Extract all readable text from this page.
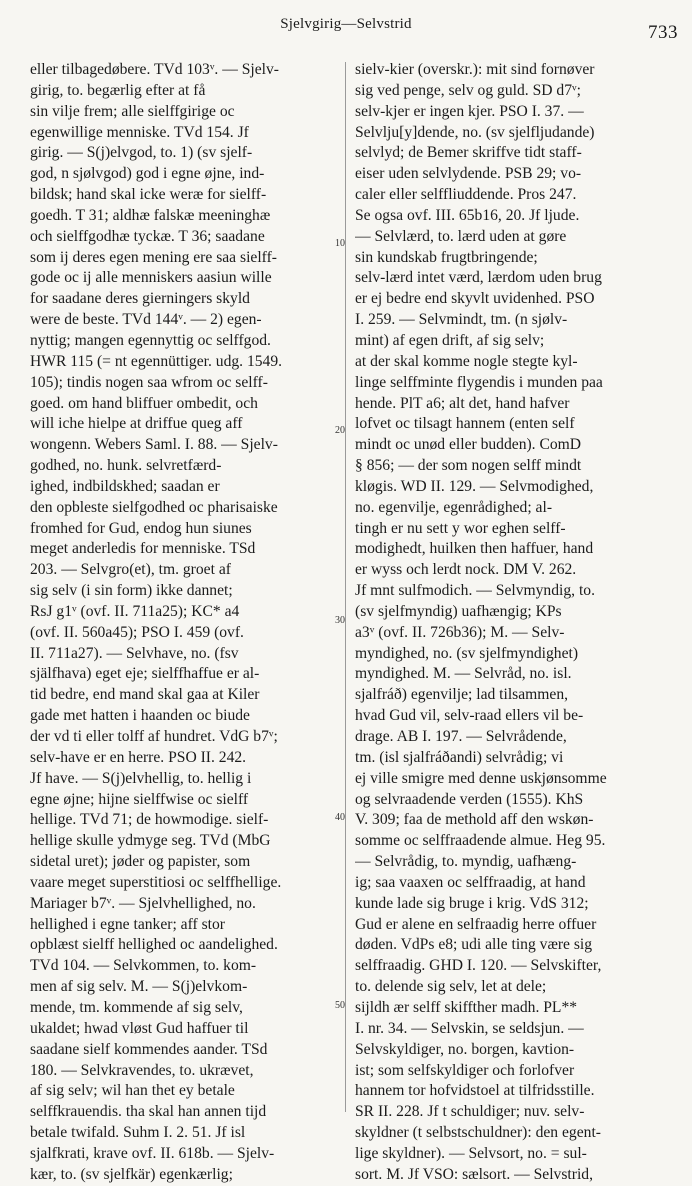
Sjelvgirig—Selvstrid	733
eller tilbagedøbere. TVd 103ᵛ. — Sjelv-
girig, to. begærlig efter at få
sin vilje frem; alle sielffgirige oc
egenwillige menniske. TVd 154. Jf
girig. — S(j)elvgod, to. 1) (sv sjelf-
god, n sjølvgod) god i egne øjne, ind-
bildsk; hand skal icke weræ for sielff-
goedh. T 31; aldhæ falskæ meeninghæ
och sielffgodhæ tyckæ. T 36; saadane
som ij deres egen mening ere saa sielff-
gode oc ij alle menniskers aasiun wille
for saadane deres gierningers skyld
were de beste. TVd 144ᵛ. — 2) egen-
nyttig; mangen egennyttig oc selffgod.
HWR 115 (= nt egennüttiger. udg. 1549.
105); tindis nogen saa wfrom oc selff-
goed. om hand bliffuer ombedit, och
will iche hielpe at driffue queg aff
wongenn. Webers Saml. I. 88. — Sjelv-
godhed, no. hunk. selvretfærd-
ighed, indbildskhed; saadan er
den opbleste sielfgodhed oc pharisaiske
fromhed for Gud, endog hun siunes
meget anderledis for menniske. TSd
203. — Selvgro(et), tm. groet af
sig selv (i sin form) ikke dannet;
RsJ g1ᵛ (ovf. II. 711a25); KC* a4
(ovf. II. 560a45); PSO I. 459 (ovf.
II. 711a27). — Selvhave, no. (fsv
själfhava) eget eje; sielffhaffue er al-
tid bedre, end mand skal gaa at Kiler
gade met hatten i haanden oc biude
der vd ti eller tolff af hundret. VdG b7ᵛ;
selv-have er en herre. PSO II. 242.
Jf have. — S(j)elvhellig, to. hellig i
egne øjne; hijne sielffwise oc sielff
hellige. TVd 71; de howmodige. sielf-
hellige skulle ydmyge seg. TVd (MbG
sidetal uret); jøder og papister, som
vaare meget superstitiosi oc selffhellige.
Mariager b7ᵛ. — Sjelvhellighed, no.
hellighed i egne tanker; aff stor
opblæst sielff hellighed oc aandelighed.
TVd 104. — Selvkommen, to. kom-
men af sig selv. M. — S(j)elvkom-
mende, tm. kommende af sig selv,
ukaldet; hwad vløst Gud haffuer til
saadane sielf kommendes aander. TSd
180. — Selvkravendes, to. ukrævet,
af sig selv; wil han thet ey betale
selffkrauendis. tha skal han annen tijd
betale twifald. Suhm I. 2. 51. Jf isl
sjalfkrati, krave ovf. II. 618b. — Sjelv-
kær, to. (sv sjelfkär) egenkærlig;
sielv-kier (overskr.): mit sind fornøver
sig ved penge, selv og guld. SD d7ᵛ;
selv-kjer er ingen kjer. PSO I. 37. —
Selvlju[y]dende, no. (sv sjelfljudande)
selvlyd; de Bemer skriffve tidt staff-
eiser uden selvlydende. PSB 29; vo-
caler eller selffliuddende. Pros 247.
Se ogsa ovf. III. 65b16, 20. Jf ljude.
— Selvlærd, to. lærd uden at gøre
sin kundskab frugtbringende;
selv-lærd intet værd, lærdom uden brug
er ej bedre end skyvlt uvidenhed. PSO
I. 259. — Selvmindt, tm. (n sjølv-
mint) af egen drift, af sig selv;
at der skal komme nogle stegte kyl-
linge selffminte flygendis i munden paa
hende. PlT a6; alt det, hand hafver
lofvet oc tilsagt hannem (enten self
mindt oc unød eller budden). ComD
§ 856; — der som nogen selff mindt
kløgis. WD II. 129. — Selvmodighed,
no. egenvilje, egenrådighed; al-
tingh er nu sett y wor eghen selff-
modighedt, huilken then haffuer, hand
er wyss och lerdt nock. DM V. 262.
Jf mnt sulfmodich. — Selvmyndig, to.
(sv sjelfmyndig) uafhængig; KPs
a3ᵛ (ovf. II. 726b36); M. — Selv-
myndighed, no. (sv sjelfmyndighet)
myndighed. M. — Selvråd, no. isl.
sjalfráð) egenvilje; lad tilsammen,
hvad Gud vil, selv-raad ellers vil be-
drage. AB I. 197. — Selvrådende,
tm. (isl sjalfráðandi) selvrådig; vi
ej ville smigre med denne uskjønsomme
og selvraadende verden (1555). KhS
V. 309; faa de methold aff den wskøn-
somme oc selffraadende almue. Heg 95.
— Selvrådig, to. myndig, uafhæng-
ig; saa vaaxen oc selffraadig, at hand
kunde lade sig bruge i krig. VdS 312;
Gud er alene en selfraadig herre offuer
døden. VdPs e8; udi alle ting være sig
selffraadig. GHD I. 120. — Selvskifter,
to. delende sig selv, let at dele;
sijldh ær selff skiffther madh. PL**
I. nr. 34. — Selvskin, se seldsjun. —
Selvskyldiger, no. borgen, kavtion-
ist; som selfskyldiger och forlofver
hannem tor hofvidstoel at tilfridsstille.
SR II. 228. Jf t schuldiger; nuv. selv-
skyldner (t selbstschuldner): den egent-
lige skyldner). — Selvsort, no. = sul-
sort. M. Jf VSO: sælsort. — Selvstrid,
10
20
30
40
50
